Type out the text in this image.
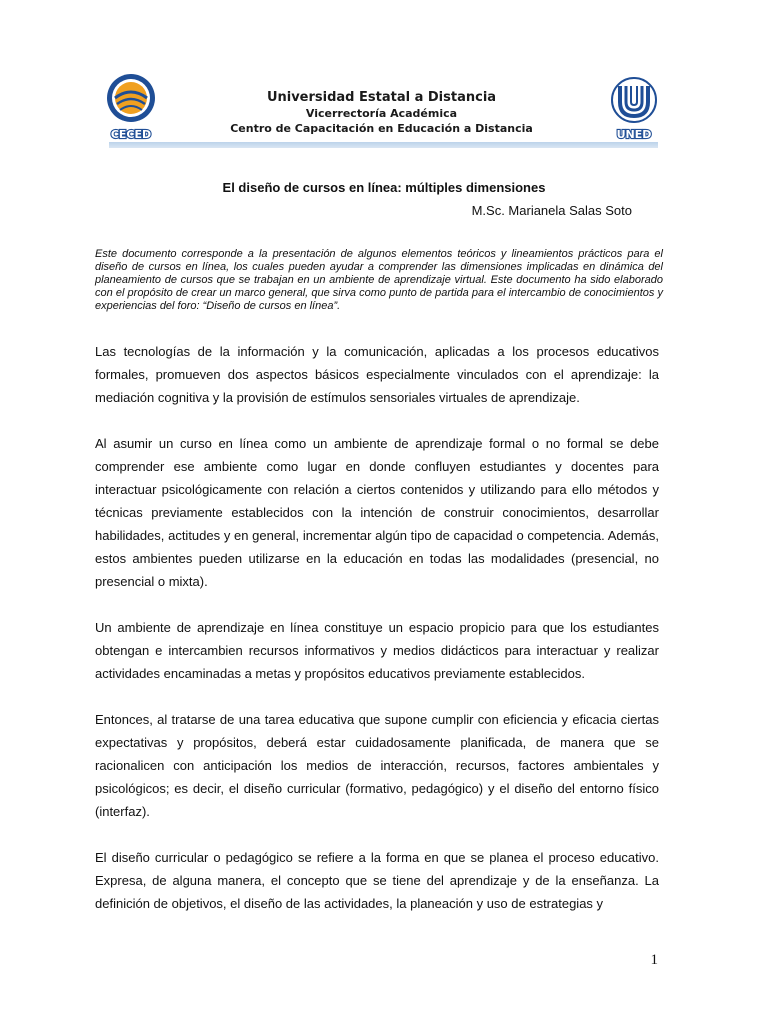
CECED
Universidad Estatal a Distancia
Vicerrectoría Académica
Centro de Capacitación en Educación a Distancia	UNED
El diseño de cursos en línea: múltiples dimensiones
M.Sc. Marianela Salas Soto
Este documento corresponde a la presentación de algunos elementos teóricos y lineamientos prácticos para el diseño de cursos en línea, los cuales pueden ayudar a comprender las dimensiones implicadas en dinámica del planeamiento de cursos que se trabajan en un ambiente de aprendizaje virtual. Este documento ha sido elaborado con el propósito de crear un marco general, que sirva como punto de partida para el intercambio de conocimientos y experiencias del foro: “Diseño de cursos en línea”.

Las tecnologías de la información y la comunicación, aplicadas a los procesos educativos formales, promueven dos aspectos básicos especialmente vinculados con el aprendizaje: la mediación cognitiva y la provisión de estímulos sensoriales virtuales de aprendizaje.

Al asumir un curso en línea como un ambiente de aprendizaje formal o no formal se debe comprender ese ambiente como lugar en donde confluyen estudiantes y docentes para interactuar psicológicamente con relación a ciertos contenidos y utilizando para ello métodos y técnicas previamente establecidos con la intención de construir conocimientos, desarrollar habilidades, actitudes y en general, incrementar algún tipo de capacidad o competencia. Además, estos ambientes pueden utilizarse en la educación en todas las modalidades (presencial, no presencial o mixta).

Un ambiente de aprendizaje en línea constituye un espacio propicio para que los estudiantes obtengan e intercambien recursos informativos y medios didácticos para interactuar y realizar actividades encaminadas a metas y propósitos educativos previamente establecidos.

Entonces, al tratarse de una tarea educativa que supone cumplir con eficiencia y eficacia ciertas expectativas y propósitos, deberá estar cuidadosamente planificada, de manera que se racionalicen con anticipación los medios de interacción, recursos, factores ambientales y psicológicos; es decir, el diseño curricular (formativo, pedagógico) y el diseño del entorno físico (interfaz).

El diseño curricular o pedagógico se refiere a la forma en que se planea el proceso educativo. Expresa, de alguna manera, el concepto que se tiene del aprendizaje y de la enseñanza. La definición de objetivos, el diseño de las actividades, la planeación y uso de estrategias y

1
